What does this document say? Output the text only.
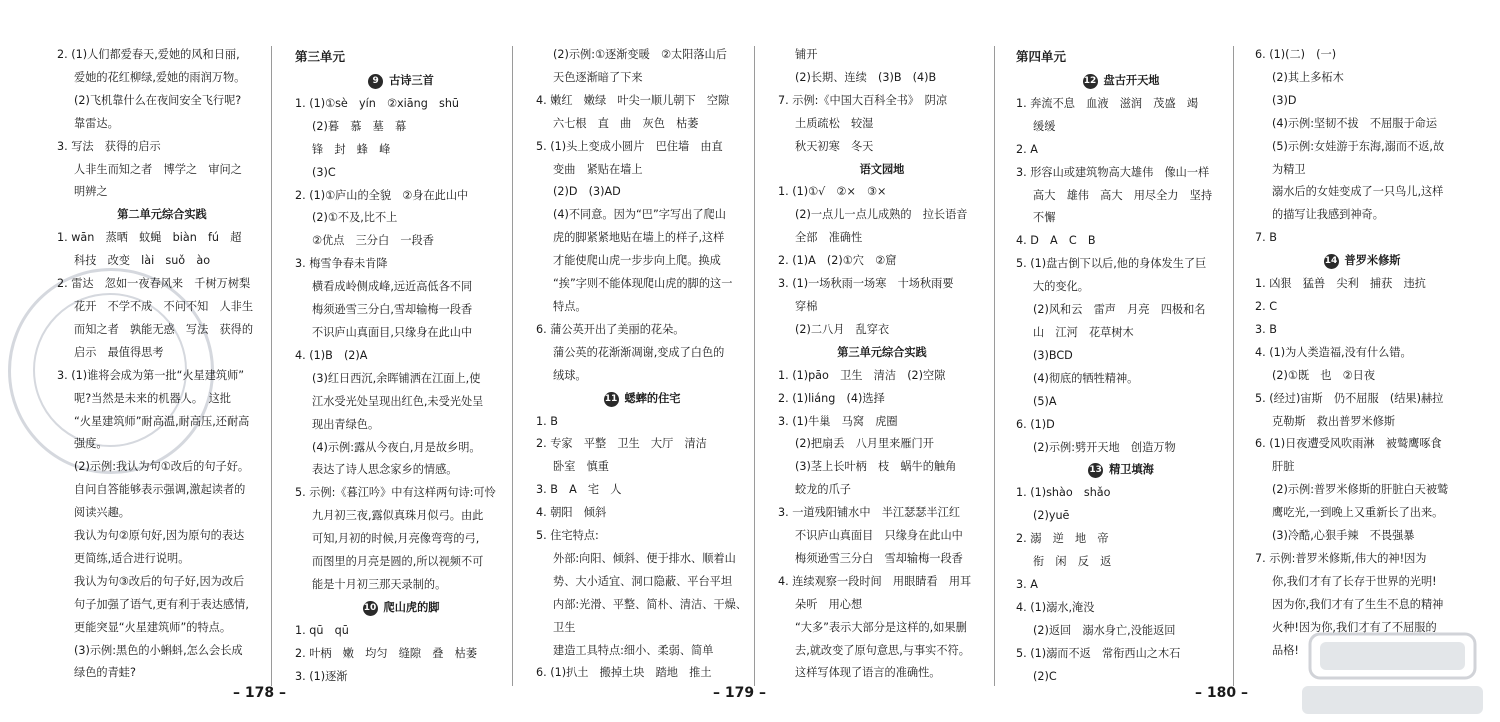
2. (1)人们都爱春天,爱她的风和日丽,
爱她的花红柳绿,爱她的雨润万物。
(2)飞机靠什么在夜间安全飞行呢?
靠雷达。
3. 写法　获得的启示
人非生而知之者　博学之　审问之
明辨之
第二单元综合实践
1. wān　蒸晒　蚊蝇　biàn　fú　超
科技　改变　lài　suǒ　ào
2. 雷达　忽如一夜春风来　千树万树梨
花开　不学不成　不问不知　人非生
而知之者　孰能无惑　写法　获得的
启示　最值得思考
3. (1)谁将会成为第一批“火星建筑师”
呢?当然是未来的机器人。　这批
“火星建筑师”耐高温,耐高压,还耐高
强度。
(2)示例:我认为句①改后的句子好。
自问自答能够表示强调,激起读者的
阅读兴趣。
我认为句②原句好,因为原句的表达
更简练,适合进行说明。
我认为句③改后的句子好,因为改后
句子加强了语气,更有利于表达感情,
更能突显“火星建筑师”的特点。
(3)示例:黑色的小蝌蚪,怎么会长成
绿色的青蛙?
第三单元
9 古诗三首
1. (1)①sè　yín　②xiāng　shū
(2)暮　慕　墓　幕
锋　封　蜂　峰
(3)C
2. (1)①庐山的全貌　②身在此山中
(2)①不及,比不上
②优点　三分白　一段香
3. 梅雪争春未肯降
横看成岭侧成峰,远近高低各不同
梅须逊雪三分白,雪却输梅一段香
不识庐山真面目,只缘身在此山中
4. (1)B　(2)A
(3)红日西沉,余晖铺洒在江面上,使
江水受光处呈现出红色,未受光处呈
现出青绿色。
(4)示例:露从今夜白,月是故乡明。
表达了诗人思念家乡的情感。
5. 示例:《暮江吟》中有这样两句诗:可怜
九月初三夜,露似真珠月似弓。由此
可知,月初的时候,月亮像弯弯的弓,
而图里的月亮是圆的,所以视频不可
能是十月初三那天录制的。
10 爬山虎的脚
1. qū　qū
2. 叶柄　嫩　均匀　缝隙　叠　枯萎
3. (1)逐渐
(2)示例:①逐渐变暖　②太阳落山后
天色逐渐暗了下来
4. 嫩红　嫩绿　叶尖一顺儿朝下　空隙
六七根　直　曲　灰色　枯萎
5. (1)头上变成小圆片　巴住墙　由直
变曲　紧贴在墙上
(2)D　(3)AD
(4)不同意。因为“巴”字写出了爬山
虎的脚紧紧地贴在墙上的样子,这样
才能使爬山虎一步步向上爬。换成
“挨”字则不能体现爬山虎的脚的这一
特点。
6. 蒲公英开出了美丽的花朵。
蒲公英的花渐渐凋谢,变成了白色的
绒球。
11 蟋蟀的住宅
1. B
2. 专家　平整　卫生　大厅　清洁
卧室　慎重
3. B　A　宅　人
4. 朝阳　倾斜
5. 住宅特点:
外部:向阳、倾斜、便于排水、顺着山
势、大小适宜、洞口隐蔽、平台平坦
内部:光滑、平整、简朴、清洁、干燥、
卫生
建造工具特点:细小、柔弱、简单
6. (1)扒土　搬掉土块　踏地　推土
铺开
(2)长期、连续　(3)B　(4)B
7. 示例:《中国大百科全书》　阴凉
土质疏松　较湿
秋天初寒　冬天
语文园地
1. (1)①√　②×　③×
(2)一点儿一点儿成熟的　拉长语音
全部　准确性
2. (1)A　(2)①穴　②窟
3. (1)一场秋雨一场寒　十场秋雨要
穿棉
(2)二八月　乱穿衣
第三单元综合实践
1. (1)pāo　卫生　清洁　(2)空隙
2. (1)liáng　(4)选择
3. (1)牛巢　马窝　虎圈
(2)把扇丢　八月里来雁门开
(3)茎上长叶柄　枝　蜗牛的触角
蛟龙的爪子
3. 一道残阳铺水中　半江瑟瑟半江红
不识庐山真面目　只缘身在此山中
梅须逊雪三分白　雪却输梅一段香
4. 连续观察一段时间　用眼睛看　用耳
朵听　用心想
“大多”表示大部分是这样的,如果删
去,就改变了原句意思,与事实不符。
这样写体现了语言的准确性。
第四单元
12 盘古开天地
1. 奔流不息　血液　滋润　茂盛　竭
缓缓
2. A
3. 形容山或建筑物高大雄伟　像山一样
高大　雄伟　高大　用尽全力　坚持
不懈
4. D　A　C　B
5. (1)盘古倒下以后,他的身体发生了巨
大的变化。
(2)风和云　雷声　月亮　四极和名
山　江河　花草树木
(3)BCD
(4)彻底的牺牲精神。
(5)A
6. (1)D
(2)示例:劈开天地　创造万物
13 精卫填海
1. (1)shào　shǎo
(2)yuē
2. 溺　逆　地　帝
衔　闲　反　返
3. A
4. (1)溺水,淹没
(2)返回　溺水身亡,没能返回
5. (1)溺而不返　常衔西山之木石
(2)C
6. (1)(二)　(一)
(2)其上多柘木
(3)D
(4)示例:坚韧不拔　不屈服于命运
(5)示例:女娃游于东海,溺而不返,故
为精卫
溺水后的女娃变成了一只鸟儿,这样
的描写让我感到神奇。
7. B
14 普罗米修斯
1. 凶狠　猛兽　尖利　捕获　违抗
2. C
3. B
4. (1)为人类造福,没有什么错。
(2)①既　也　②日夜
5. (经过)宙斯　仍不屈服　(结果)赫拉
克勒斯　救出普罗米修斯
6. (1)日夜遭受风吹雨淋　被鹫鹰啄食
肝脏
(2)示例:普罗米修斯的肝脏白天被鹫
鹰吃光,一到晚上又重新长了出来。
(3)冷酷,心狠手辣　不畏强暴
7. 示例:普罗米修斯,伟大的神!因为
你,我们才有了长存于世界的光明!
因为你,我们才有了生生不息的精神
火种!因为你,我们才有了不屈服的
品格!
– 178 –	– 179 –	– 180 –
